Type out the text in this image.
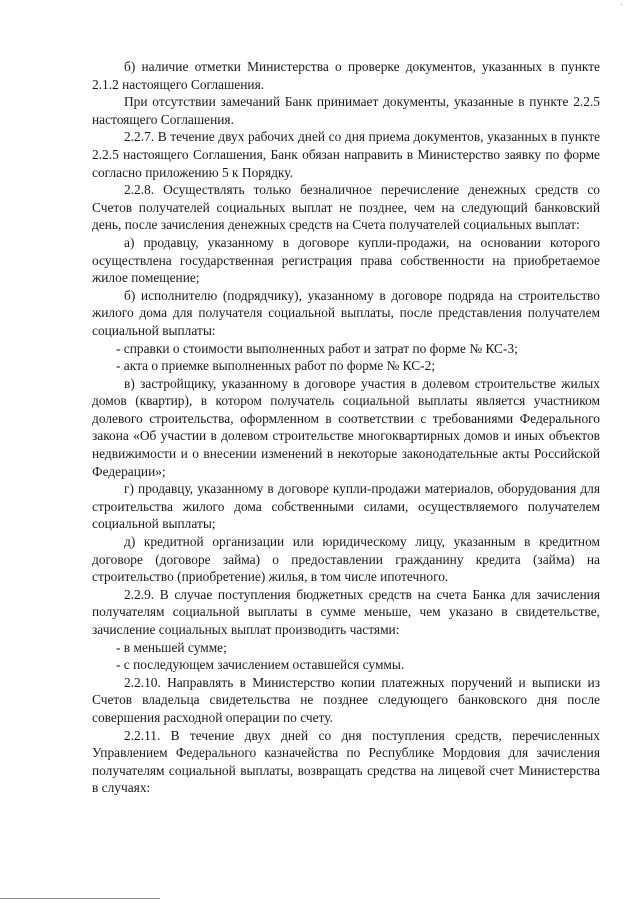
б) наличие отметки Министерства о проверке документов, указанных в пункте 2.1.2 настоящего Соглашения.

При отсутствии замечаний Банк принимает документы, указанные в пункте 2.2.5 настоящего Соглашения.

2.2.7. В течение двух рабочих дней со дня приема документов, указанных в пункте 2.2.5 настоящего Соглашения, Банк обязан направить в Министерство заявку по форме согласно приложению 5 к Порядку.

2.2.8. Осуществлять только безналичное перечисление денежных средств со Счетов получателей социальных выплат не позднее, чем на следующий банковский день, после зачисления денежных средств на Счета получателей социальных выплат:

а) продавцу, указанному в договоре купли-продажи, на основании которого осуществлена государственная регистрация права собственности на приобретаемое жилое помещение;

б) исполнителю (подрядчику), указанному в договоре подряда на строительство жилого дома для получателя социальной выплаты, после представления получателем социальной выплаты:

- справки о стоимости выполненных работ и затрат по форме № КС-3;

- акта о приемке выполненных работ по форме № КС-2;

в) застройщику, указанному в договоре участия в долевом строительстве жилых домов (квартир), в котором получатель социальной выплаты является участником долевого строительства, оформленном в соответствии с требованиями Федерального закона «Об участии в долевом строительстве многоквартирных домов и иных объектов недвижимости и о внесении изменений в некоторые законодательные акты Российской Федерации»;

г) продавцу, указанному в договоре купли-продажи материалов, оборудования для строительства жилого дома собственными силами, осуществляемого получателем социальной выплаты;

д) кредитной организации или юридическому лицу, указанным в кредитном договоре (договоре займа) о предоставлении гражданину кредита (займа) на строительство (приобретение) жилья, в том числе ипотечного.

2.2.9. В случае поступления бюджетных средств на счета Банка для зачисления получателям социальной выплаты в сумме меньше, чем указано в свидетельстве, зачисление социальных выплат производить частями:

- в меньшей сумме;

- с последующем зачислением оставшейся суммы.

2.2.10. Направлять в Министерство копии платежных поручений и выписки из Счетов владельца свидетельства не позднее следующего банковского дня после совершения расходной операции по счету.

2.2.11. В течение двух дней со дня поступления средств, перечисленных Управлением Федерального казначейства по Республике Мордовия для зачисления получателям социальной выплаты, возвращать средства на лицевой счет Министерства в случаях:
